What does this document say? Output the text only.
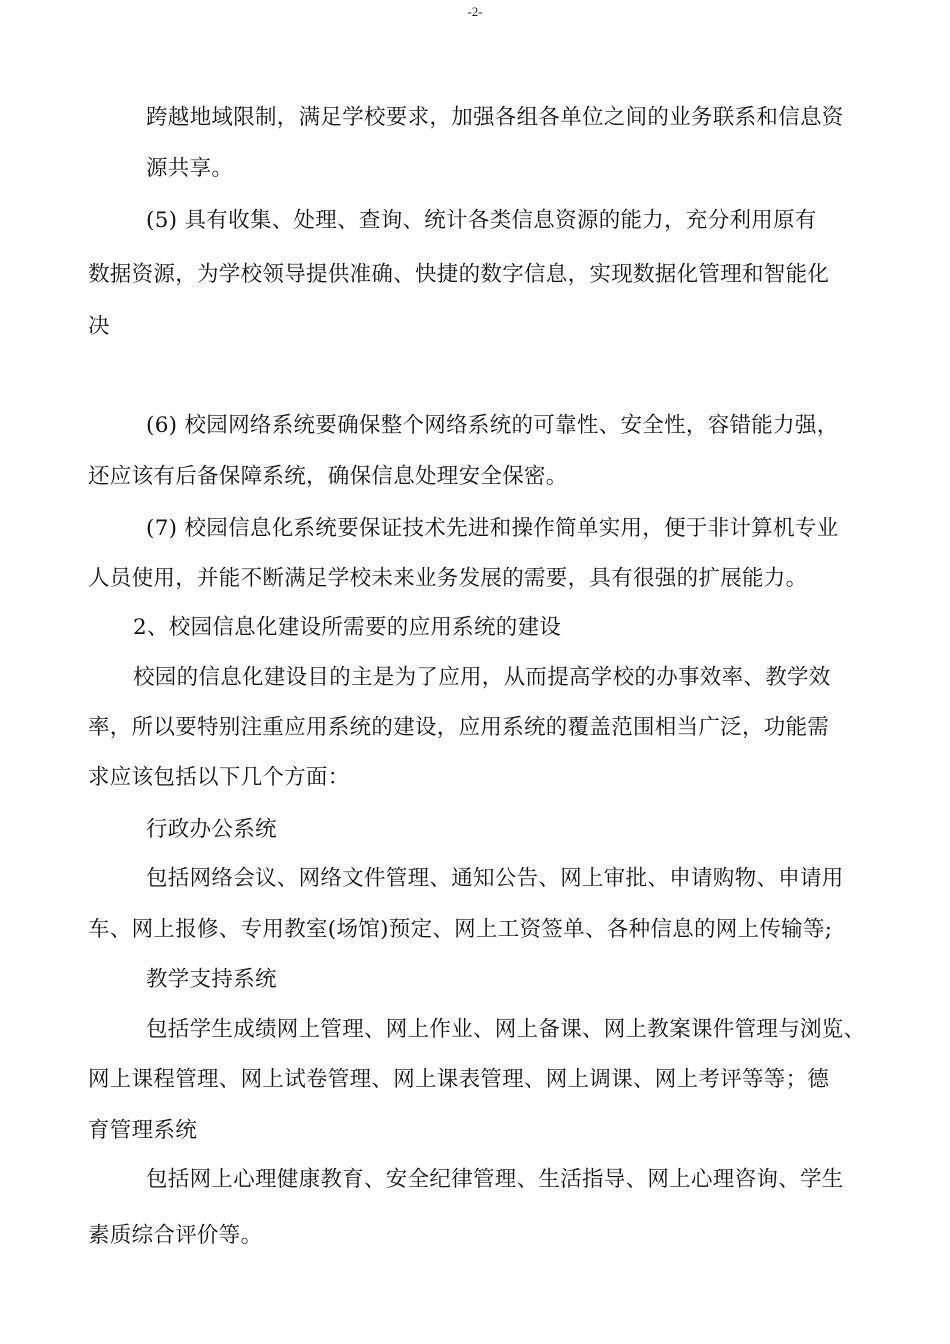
-2-
跨越地域限制，满足学校要求，加强各组各单位之间的业务联系和信息资
源共享。
(5) 具有收集、处理、查询、统计各类信息资源的能力，充分利用原有
数据资源，为学校领导提供准确、快捷的数字信息，实现数据化管理和智能化
决
(6) 校园网络系统要确保整个网络系统的可靠性、安全性，容错能力强，
还应该有后备保障系统，确保信息处理安全保密。
(7) 校园信息化系统要保证技术先进和操作简单实用，便于非计算机专业
人员使用，并能不断满足学校未来业务发展的需要，具有很强的扩展能力。
2、校园信息化建设所需要的应用系统的建设
校园的信息化建设目的主是为了应用，从而提高学校的办事效率、教学效
率，所以要特别注重应用系统的建设，应用系统的覆盖范围相当广泛，功能需
求应该包括以下几个方面：
行政办公系统
包括网络会议、网络文件管理、通知公告、网上审批、申请购物、申请用
车、网上报修、专用教室(场馆)预定、网上工资签单、各种信息的网上传输等;
教学支持系统
包括学生成绩网上管理、网上作业、网上备课、网上教案课件管理与浏览、
网上课程管理、网上试卷管理、网上课表管理、网上调课、网上考评等等；德
育管理系统
包括网上心理健康教育、安全纪律管理、生活指导、网上心理咨询、学生
素质综合评价等。
